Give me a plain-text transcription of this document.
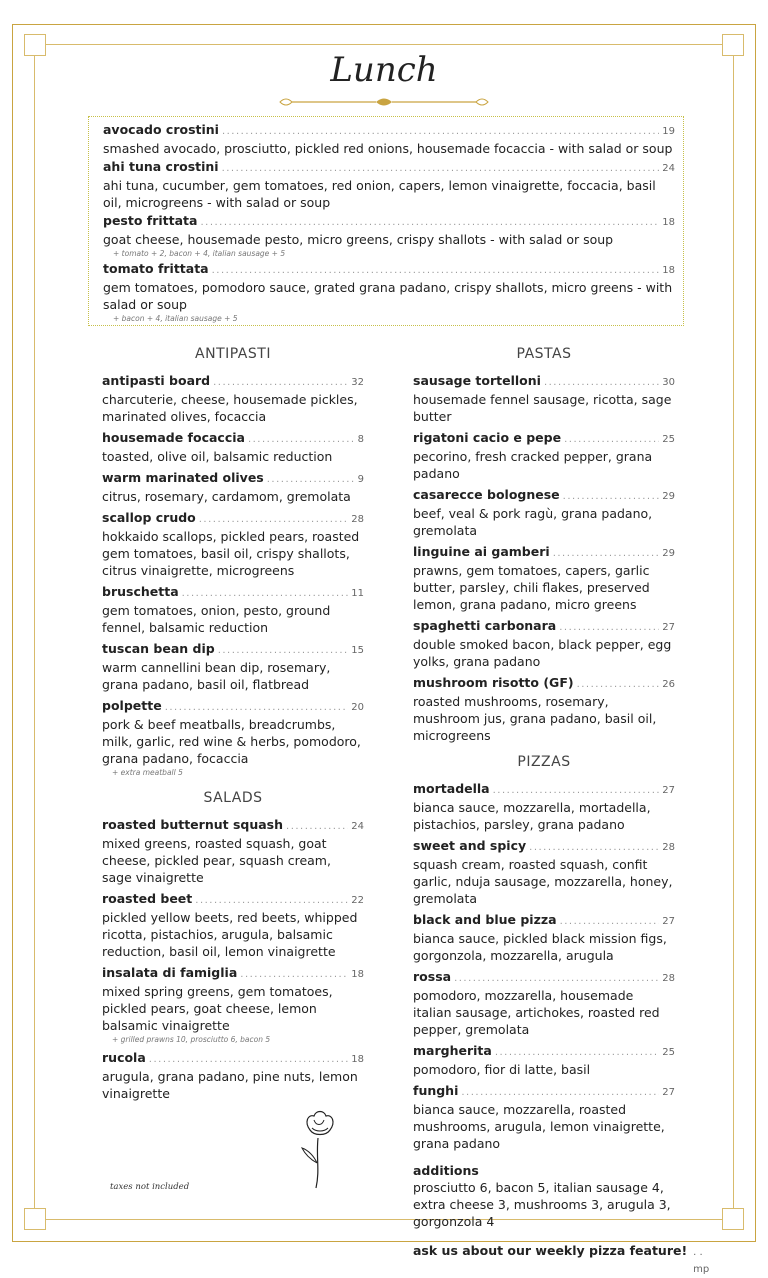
Lunch
avocado crostini .....	19
smashed avocado, prosciutto, pickled red onions, housemade focaccia - with salad or soup
ahi tuna crostini .....	24
ahi tuna, cucumber, gem tomatoes, red onion, capers, lemon vinaigrette, foccacia, basil oil, microgreens - with salad or soup
pesto frittata .....	18
goat cheese, housemade pesto, micro greens, crispy shallots - with salad or soup
+ tomato + 2, bacon + 4, italian sausage + 5
tomato frittata .....	18
gem tomatoes, pomodoro sauce, grated grana padano, crispy shallots, micro greens - with salad or soup
+ bacon + 4, italian sausage + 5
ANTIPASTI
antipasti board .....	32
charcuterie, cheese, housemade pickles, marinated olives, focaccia
housemade focaccia .....	8
toasted, olive oil, balsamic reduction
warm marinated olives .....	9
citrus, rosemary, cardamom, gremolata
scallop crudo .....	28
hokkaido scallops, pickled pears, roasted gem tomatoes, basil oil, crispy shallots, citrus vinaigrette, microgreens
bruschetta .....	11
gem tomatoes, onion, pesto, ground fennel, balsamic reduction
tuscan bean dip .....	15
warm cannellini bean dip, rosemary, grana padano, basil oil, flatbread
polpette .....	20
pork & beef meatballs, breadcrumbs, milk, garlic, red wine & herbs, pomodoro, grana padano, focaccia
+ extra meatball 5
SALADS
roasted butternut squash .....	24
mixed greens, roasted squash, goat cheese, pickled pear, squash cream, sage vinaigrette
roasted beet .....	22
pickled yellow beets, red beets, whipped ricotta, pistachios, arugula, balsamic reduction, basil oil, lemon vinaigrette
insalata di famiglia .....	18
mixed spring greens, gem tomatoes, pickled pears, goat cheese, lemon balsamic vinaigrette
+ grilled prawns 10, prosciutto 6, bacon 5
rucola .....	18
arugula, grana padano, pine nuts, lemon vinaigrette
PASTAS
sausage tortelloni .....	30
housemade fennel sausage, ricotta, sage butter
rigatoni cacio e pepe .....	25
pecorino, fresh cracked pepper, grana padano
casarecce bolognese .....	29
beef, veal & pork ragù, grana padano, gremolata
linguine ai gamberi .....	29
prawns, gem tomatoes, capers, garlic butter, parsley, chili flakes, preserved lemon, grana padano, micro greens
spaghetti carbonara .....	27
double smoked bacon, black pepper, egg yolks, grana padano
mushroom risotto (GF) .....	26
roasted mushrooms, rosemary, mushroom jus, grana padano, basil oil, microgreens
PIZZAS
mortadella .....	27
bianca sauce, mozzarella, mortadella, pistachios, parsley, grana padano
sweet and spicy .....	28
squash cream, roasted squash, confit garlic, nduja sausage, mozzarella, honey, gremolata
black and blue pizza .....	27
bianca sauce, pickled black mission figs, gorgonzola, mozzarella, arugula
rossa .....	28
pomodoro, mozzarella, housemade italian sausage, artichokes, roasted red pepper, gremolata
margherita .....	25
pomodoro, fior di latte, basil
funghi .....	27
bianca sauce, mozzarella, roasted mushrooms, arugula, lemon vinaigrette, grana padano
additions
prosciutto 6, bacon 5, italian sausage 4, extra cheese 3, mushrooms 3, arugula 3, gorgonzola 4
ask us about our weekly pizza feature! . . mp
taxes not included
